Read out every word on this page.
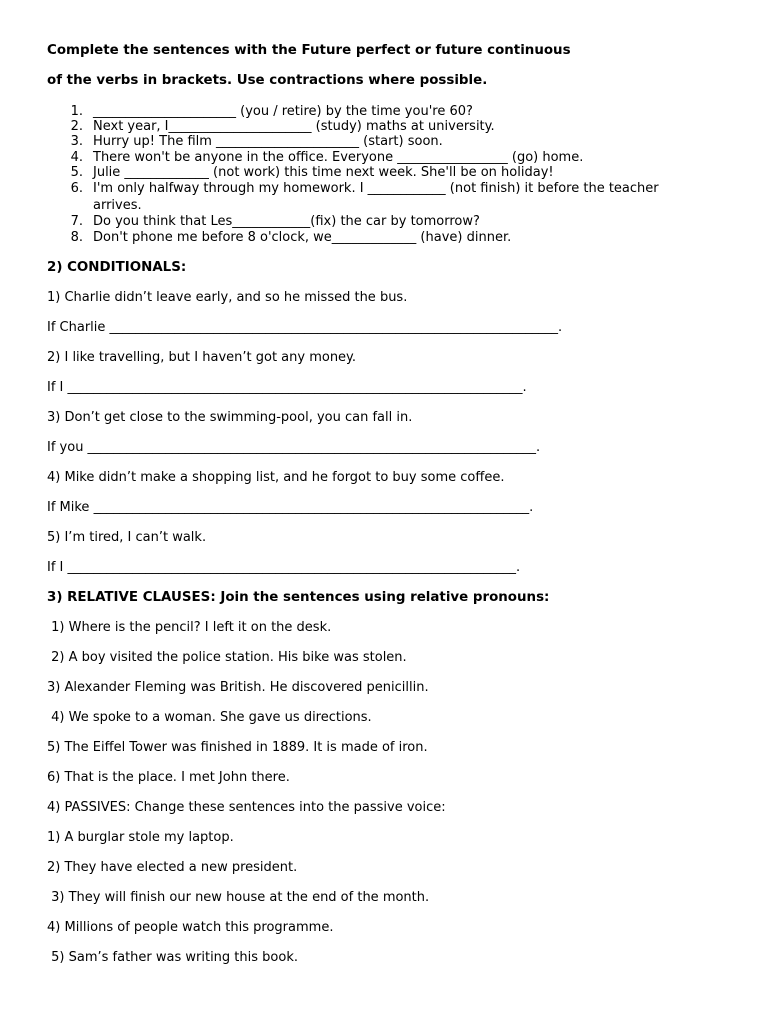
Complete the sentences with the Future perfect or future continuous
of the verbs in brackets. Use contractions where possible.
1. ______________________ (you / retire) by the time you're 60?
2. Next year, I______________________ (study) maths at university.
3. Hurry up! The film ______________________ (start) soon.
4. There won't be anyone in the office. Everyone _________________ (go) home.
5. Julie _____________ (not work) this time next week. She'll be on holiday!
6. I'm only halfway through my homework. I ____________ (not finish) it before the teacher
arrives.
7. Do you think that Les____________(fix) the car by tomorrow?
8. Don't phone me before 8 o'clock, we_____________ (have) dinner.
2) CONDITIONALS:
1) Charlie didn’t leave early, and so he missed the bus.
If Charlie _____________________________________________________________________.
2) I like travelling, but I haven’t got any money.
If I ______________________________________________________________________.
3) Don’t get close to the swimming-pool, you can fall in.
If you _____________________________________________________________________.
4) Mike didn’t make a shopping list, and he forgot to buy some coffee.
If Mike ___________________________________________________________________.
5) I’m tired, I can’t walk.
If I _____________________________________________________________________.
3) RELATIVE CLAUSES: Join the sentences using relative pronouns:
1) Where is the pencil? I left it on the desk.
2) A boy visited the police station. His bike was stolen.
3) Alexander Fleming was British. He discovered penicillin.
4) We spoke to a woman. She gave us directions.
5) The Eiffel Tower was finished in 1889. It is made of iron.
6) That is the place. I met John there.
4) PASSIVES: Change these sentences into the passive voice:
1) A burglar stole my laptop.
2) They have elected a new president.
3) They will finish our new house at the end of the month.
4) Millions of people watch this programme.
5) Sam’s father was writing this book.
